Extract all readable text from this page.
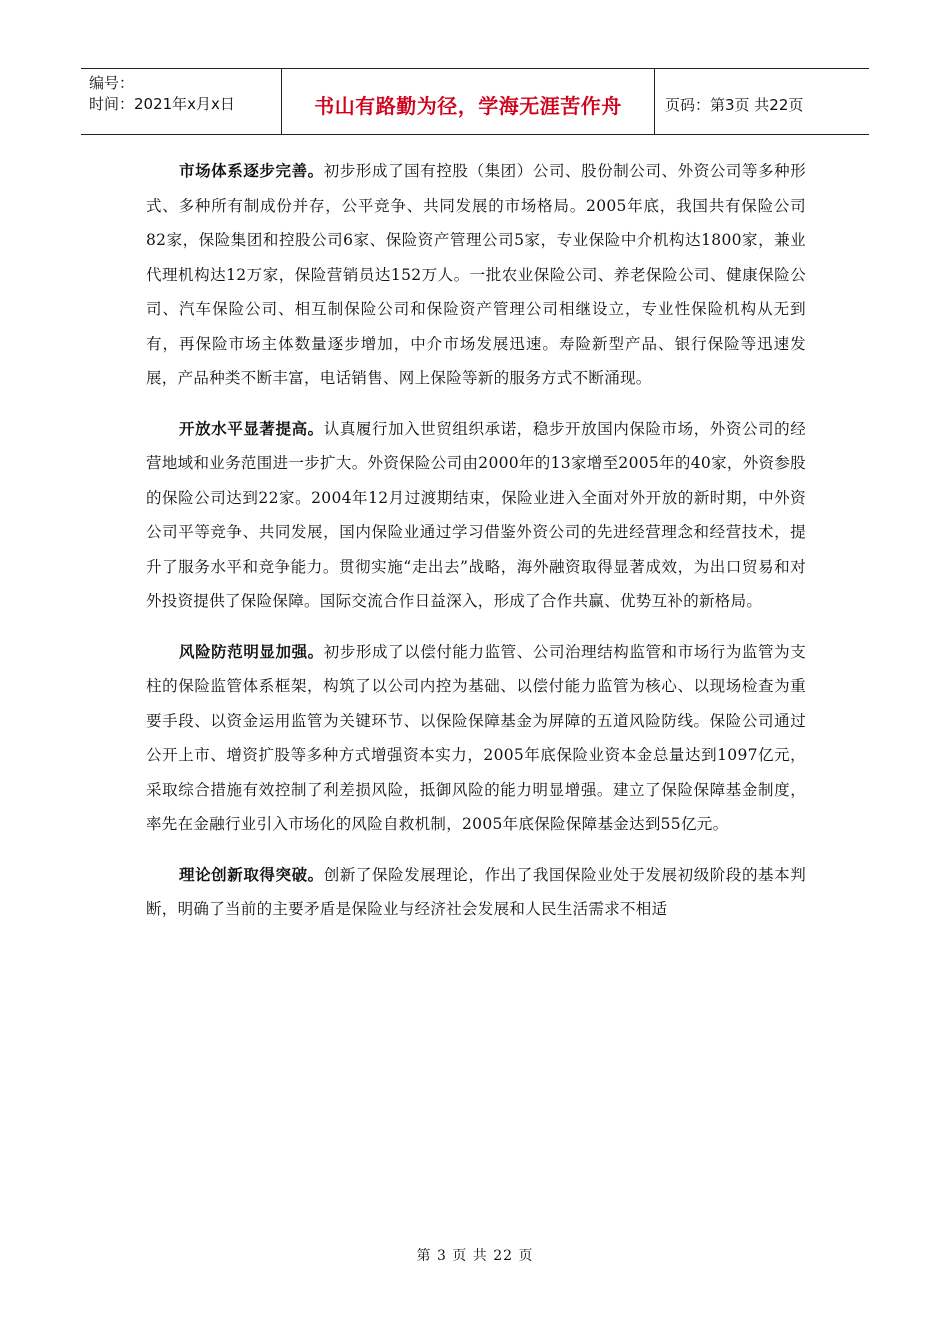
编号：
时间：2021年x月x日	书山有路勤为径，学海无涯苦作舟	页码：第3页 共22页

市场体系逐步完善。初步形成了国有控股（集团）公司、股份制公司、外资公司等多种形式、多种所有制成份并存，公平竞争、共同发展的市场格局。2005年底，我国共有保险公司82家，保险集团和控股公司6家、保险资产管理公司5家，专业保险中介机构达1800家，兼业代理机构达12万家，保险营销员达152万人。一批农业保险公司、养老保险公司、健康保险公司、汽车保险公司、相互制保险公司和保险资产管理公司相继设立，专业性保险机构从无到有，再保险市场主体数量逐步增加，中介市场发展迅速。寿险新型产品、银行保险等迅速发展，产品种类不断丰富，电话销售、网上保险等新的服务方式不断涌现。

开放水平显著提高。认真履行加入世贸组织承诺，稳步开放国内保险市场，外资公司的经营地域和业务范围进一步扩大。外资保险公司由2000年的13家增至2005年的40家，外资参股的保险公司达到22家。2004年12月过渡期结束，保险业进入全面对外开放的新时期，中外资公司平等竞争、共同发展，国内保险业通过学习借鉴外资公司的先进经营理念和经营技术，提升了服务水平和竞争能力。贯彻实施“走出去”战略，海外融资取得显著成效，为出口贸易和对外投资提供了保险保障。国际交流合作日益深入，形成了合作共赢、优势互补的新格局。

风险防范明显加强。初步形成了以偿付能力监管、公司治理结构监管和市场行为监管为支柱的保险监管体系框架，构筑了以公司内控为基础、以偿付能力监管为核心、以现场检查为重要手段、以资金运用监管为关键环节、以保险保障基金为屏障的五道风险防线。保险公司通过公开上市、增资扩股等多种方式增强资本实力，2005年底保险业资本金总量达到1097亿元，采取综合措施有效控制了利差损风险，抵御风险的能力明显增强。建立了保险保障基金制度，率先在金融行业引入市场化的风险自救机制，2005年底保险保障基金达到55亿元。

理论创新取得突破。创新了保险发展理论，作出了我国保险业处于发展初级阶段的基本判断，明确了当前的主要矛盾是保险业与经济社会发展和人民生活需求不相适

第 3 页 共 22 页
